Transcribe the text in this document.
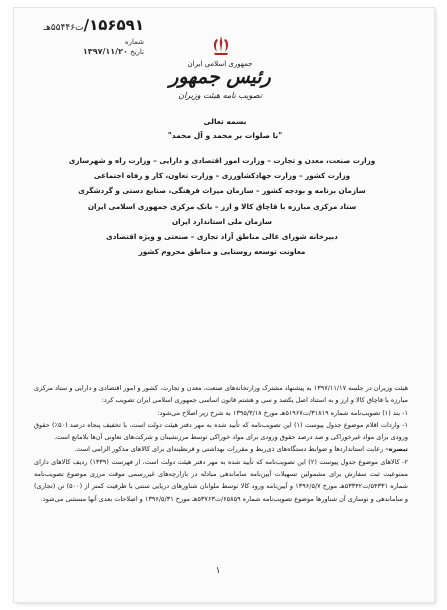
۱۵۶۵۹۱/ت۵۵۴۴۶هـ
شماره
تاریخ ۱۳۹۷/۱۱/۲۰
جمهوری اسلامی ایران
رئیس جمهور
تصویب نامه هیئت وزیران
بسمه تعالی
"با صلوات بر محمد و آل محمد"
وزارت صنعت، معدن و تجارت – وزارت امور اقتصادی و دارایی – وزارت راه و شهرسازی
وزارت کشور – وزارت جهادکشاورزی – وزارت تعاون، کار و رفاه اجتماعی
سازمان برنامه و بودجه کشور – سازمان میراث فرهنگی، صنایع دستی و گردشگری
ستاد مرکزی مبارزه با قاچاق کالا و ارز – بانک مرکزی جمهوری اسلامی ایران
سازمان ملی استاندارد ایران
دبیرخانه شورای عالی مناطق آزاد تجاری – صنعتی و ویژه اقتصادی
معاونت توسعه روستایی و مناطق محروم کشور

هیئت وزیران در جلسه ۱۳۹۷/۱۱/۱۷ به پیشنهاد مشترک وزارتخانه‌های صنعت، معدن و تجارت، کشور و امور اقتصادی و دارایی و ستاد مرکزی مبارزه با قاچاق کالا و ارز و به استناد اصل یکصد و سی و هشتم قانون اساسی جمهوری اسلامی ایران تصویب کرد:

۱- بند (۱) تصویب‌نامه شماره ۳۱۸۱۹/ت۵۱۹۶۷هـ مورخ ۱۳۹۵/۳/۱۸ به شرح زیر اصلاح می‌شود:

۱- واردات اقلام موضوع جدول پیوست (۱) این تصویب‌نامه که تأیید شده به مهر دفتر هیئت دولت است، با تخفیف پنجاه درصد (۵۰٪) حقوق ورودی برای مواد غیرخوراکی و صد درصد حقوق ورودی برای مواد خوراکی توسط مرزنشینان و شرکت‌های تعاونی آن‌ها بلامانع است.

تبصره– رعایت استانداردها و ضوابط دستگاه‌های ذی‌ربط و مقررات بهداشتی و قرنطینه‌ای برای کالاهای مذکور الزامی است.

۲- کالاهای موضوع جدول پیوست (۲) این تصویب‌نامه که تأیید شده به مهر دفتر هیئت دولت است، از فهرست (۱۳۳۹) ردیف کالاهای دارای ممنوعیت ثبت سفارش برای مشمولین تسهیلات آیین‌نامه ساماندهی مبادله در بازارچه‌های غیررسمی موقت مرزی موضوع تصویب‌نامه شماره ۵۴۳۳۱/ت۵۳۳۴۲هـ مورخ ۱۳۹۶/۵/۷ و آیین‌نامه ورود کالا توسط ملوانان شناورهای دریایی سنتی با ظرفیت کمتر از (۵۰۰) تن (تجاری) و ساماندهی و نوسازی آن شناورها موضوع تصویب‌نامه شماره ۶۵۸۵۹/ت۵۳۷۶۳هـ مورخ ۱۳۹۶/۵/۳۱ و اصلاحات بعدی آنها مستثنی می‌شود.

۱
